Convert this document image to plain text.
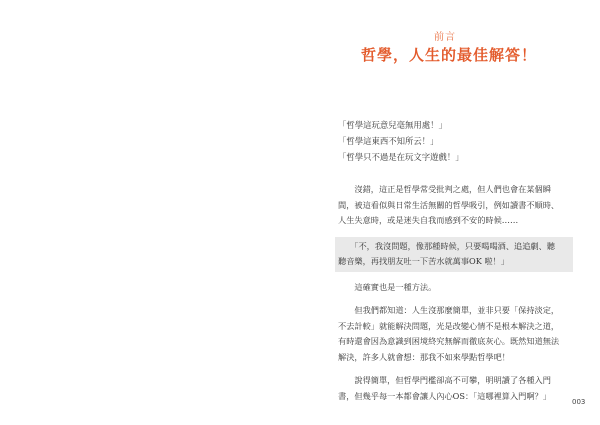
前言
哲學，人生的最佳解答！
「哲學這玩意兒毫無用處！」
「哲學這東西不知所云！」
「哲學只不過是在玩文字遊戲！」
　　沒錯，這正是哲學常受批判之處，但人們也會在某個瞬
間，被這看似與日常生活無關的哲學吸引，例如讀書不順時、
人生失意時，或是迷失自我而感到不安的時候……
　　「不，我沒問題，像那種時候，只要喝喝酒、追追劇、聽
聽音樂，再找朋友吐一下苦水就萬事OK 啦！」
　　這確實也是一種方法。
　　但我們都知道：人生沒那麼簡單，並非只要「保持淡定，
不去計較」就能解決問題，光是改變心情不是根本解決之道，
有時還會因為意識到困境終究無解而徹底灰心。既然知道無法
解決，許多人就會想：那我不如來學點哲學吧！
　　說得簡單，但哲學門檻卻高不可攀，明明讀了各種入門
書，但幾乎每一本都會讓人內心OS：「這哪裡算入門啊？」
003
